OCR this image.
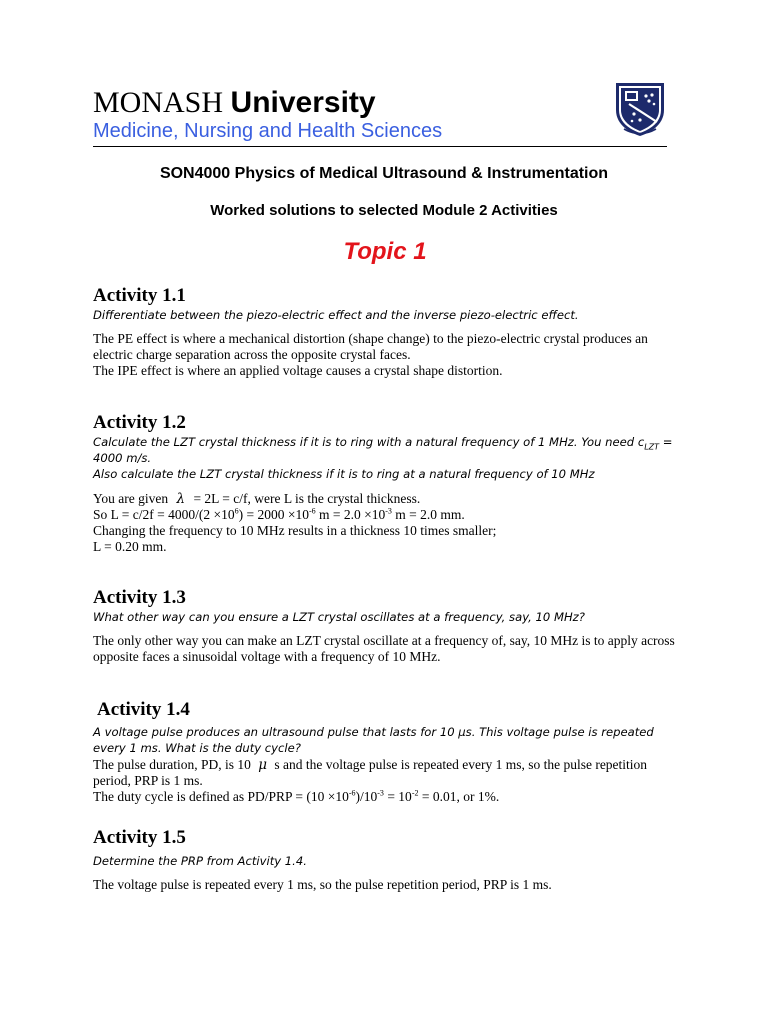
MONASH University
Medicine, Nursing and Health Sciences
SON4000 Physics of Medical Ultrasound & Instrumentation
Worked solutions to selected Module 2 Activities
Topic 1
Activity 1.1
Differentiate between the piezo-electric effect and the inverse piezo-electric effect.

The PE effect is where a mechanical distortion (shape change) to the piezo-electric crystal produces an electric charge separation across the opposite crystal faces.

The IPE effect is where an applied voltage causes a crystal shape distortion.

Activity 1.2
Calculate the LZT crystal thickness if it is to ring with a natural frequency of 1 MHz. You need $c_{LZT} = 4000$ m/s.
Also calculate the LZT crystal thickness if it is to ring at a natural frequency of 10 MHz

You are given λ = 2L = c/f, were L is the crystal thickness.

So $L = c/2f = 4000/(2 \times 10^6) = 2000 \times 10^{-6}$ $m = 2.0 \times 10^{-3}$ m = 2.0 mm.

Changing the frequency to 10 MHz results in a thickness 10 times smaller;

L = 0.20 mm.

Activity 1.3
What other way can you ensure a LZT crystal oscillates at a frequency, say, 10 MHz?
The only other way you can make an LZT crystal oscillate at a frequency of, say, 10 MHz is to apply across opposite faces a sinusoidal voltage with a frequency of 10 MHz.
Activity 1.4
A voltage pulse produces an ultrasound pulse that lasts for 10 μs. This voltage pulse is repeated every 1 ms. What is the duty cycle?

The pulse duration, PD, is 10 μ s and the voltage pulse is repeated every 1 ms, so the pulse repetition period, PRP is 1 ms.

The duty cycle is defined as $PD/PRP = (10 \times 10^{-6})/10^{-3} = 10^{-2} = 0.01$, or 1%.

Activity 1.5
Determine the PRP from Activity 1.4.
The voltage pulse is repeated every 1 ms, so the pulse repetition period, PRP is 1 ms.
